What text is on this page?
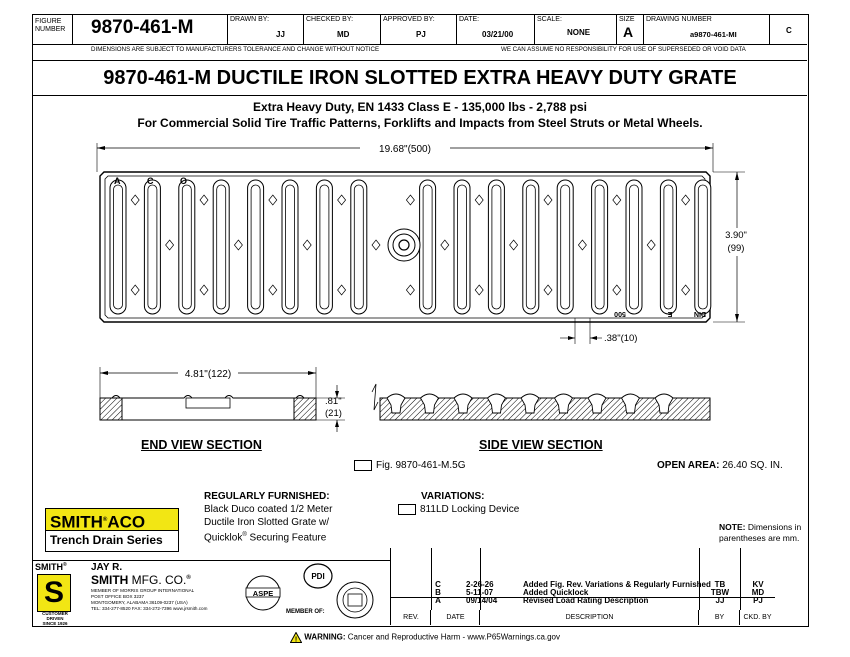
FIGURE NUMBER	9870-461-M	DRAWN BY:
JJ
CHECKED BY:
MD
APPROVED BY:
PJ
DATE:
03/21/00
SCALE:
NONE
SIZE
A
DRAWING NUMBER
a9870-461-MI	C
DIMENSIONS ARE SUBJECT TO MANUFACTURERS TOLERANCE AND CHANGE WITHOUT NOTICE	WE CAN ASSUME NO RESPONSIBILITY FOR USE OF SUPERSEDED OR VOID DATA
9870-461-M DUCTILE IRON SLOTTED EXTRA HEAVY DUTY GRATE
Extra Heavy Duty, EN 1433 Class E - 135,000 lbs - 2,788 psi
For Commercial Solid Tire Traffic Patterns, Forklifts and Impacts from Steel Struts or Metal Wheels.
19.68"(500)
A	C	O
DIN
E
500
3.90"
(99)
.38"(10)
4.81"(122)
.81"
(21)
END VIEW SECTION	SIDE VIEW SECTION
Fig. 9870-461-M.5G	OPEN AREA: 26.40 SQ. IN.
SMITH®ACO
Trench Drain Series
REGULARLY FURNISHED:
Black Duco coated 1/2 Meter
Ductile Iron Slotted Grate w/
Quicklok® Securing Feature
VARIATIONS:
811LD Locking Device
NOTE: Dimensions in
parentheses are mm.
SMITH®
S
CUSTOMER
DRIVEN
SINCE 1926
JAY R.
SMITH MFG. CO.®
MEMBER OF MORRIS GROUP INTERNATIONAL
POST OFFICE BOX 3237
MONTGOMERY, ALABAMA 36109-0237 (USA)
TEL: 334-277-8520 FAX: 334-272-7396 www.jrsmith.com
ASPE
PDI
MEMBER OF:
C	2-26-26	Added Fig. Rev. Variations & Regularly Furnished TB	KV
B	5-11-07	Added Quicklock	TBW	MD
A	09/14/04	Revised Load Rating Description	JJ	PJ
REV.	DATE	DESCRIPTION	BY	CKD. BY
! WARNING: Cancer and Reproductive Harm - www.P65Warnings.ca.gov
